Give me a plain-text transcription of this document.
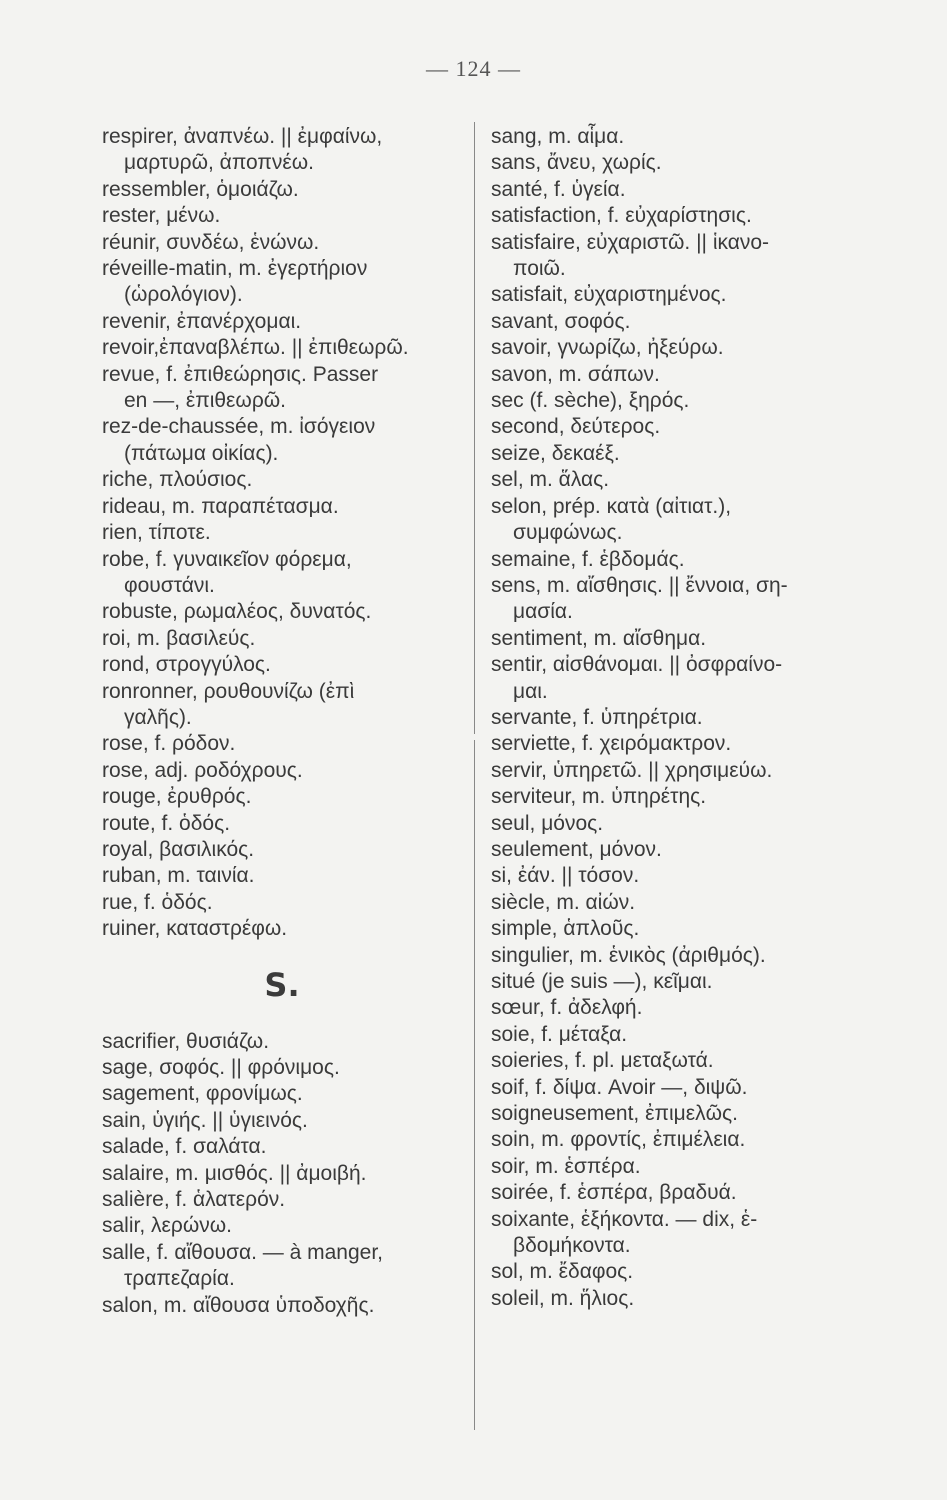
— 124 —
respirer, ἀναπνέω. || ἐμφαίνω,
μαρτυρῶ, ἀποπνέω.
ressembler, ὁμοιάζω.
rester, μένω.
réunir, συνδέω, ἑνώνω.
réveille-matin, m. ἐγερτήριον
(ὡρολόγιον).
revenir, ἐπανέρχομαι.
revoir,ἐπαναβλέπω. || ἐπιθεωρῶ.
revue, f. ἐπιθεώρησις. Passer
en —, ἐπιθεωρῶ.
rez-de-chaussée, m. ἰσόγειον
(πάτωμα οἰκίας).
riche, πλούσιος.
rideau, m. παραπέτασμα.
rien, τίποτε.
robe, f. γυναικεῖον φόρεμα,
φουστάνι.
robuste, ρωμαλέος, δυνατός.
roi, m. βασιλεύς.
rond, στρογγύλος.
ronronner, ρουθουνίζω (ἐπὶ
γαλῆς).
rose, f. ρόδον.
rose, adj. ροδόχρους.
rouge, ἐρυθρός.
route, f. ὁδός.
royal, βασιλικός.
ruban, m. ταινία.
rue, f. ὁδός.
ruiner, καταστρέφω.
S.
sacrifier, θυσιάζω.
sage, σοφός. || φρόνιμος.
sagement, φρονίμως.
sain, ὑγιής. || ὑγιεινός.
salade, f. σαλάτα.
salaire, m. μισθός. || ἀμοιβή.
salière, f. ἁλατερόν.
salir, λερώνω.
salle, f. αἴθουσα. — à manger,
τραπεζαρία.
salon, m. αἴθουσα ὑποδοχῆς.
sang, m. αἷμα.
sans, ἄνευ, χωρίς.
santé, f. ὑγεία.
satisfaction, f. εὐχαρίστησις.
satisfaire, εὐχαριστῶ. || ἱκανο-
ποιῶ.
satisfait, εὐχαριστημένος.
savant, σοφός.
savoir, γνωρίζω, ἠξεύρω.
savon, m. σάπων.
sec (f. sèche), ξηρός.
second, δεύτερος.
seize, δεκαέξ.
sel, m. ἅλας.
selon, prép. κατὰ (αἰτιατ.),
συμφώνως.
semaine, f. ἑβδομάς.
sens, m. αἴσθησις. || ἔννοια, ση-
μασία.
sentiment, m. αἴσθημα.
sentir, αἰσθάνομαι. || ὀσφραίνο-
μαι.
servante, f. ὑπηρέτρια.
serviette, f. χειρόμακτρον.
servir, ὑπηρετῶ. || χρησιμεύω.
serviteur, m. ὑπηρέτης.
seul, μόνος.
seulement, μόνον.
si, ἐάν. || τόσον.
siècle, m. αἰών.
simple, ἁπλοῦς.
singulier, m. ἑνικὸς (ἀριθμός).
situé (je suis —), κεῖμαι.
sœur, f. ἀδελφή.
soie, f. μέταξα.
soieries, f. pl. μεταξωτά.
soif, f. δίψα. Avoir —, διψῶ.
soigneusement, ἐπιμελῶς.
soin, m. φροντίς, ἐπιμέλεια.
soir, m. ἑσπέρα.
soirée, f. ἑσπέρα, βραδυά.
soixante, ἑξήκοντα. — dix, ἑ-
βδομήκοντα.
sol, m. ἔδαφος.
soleil, m. ἥλιος.
